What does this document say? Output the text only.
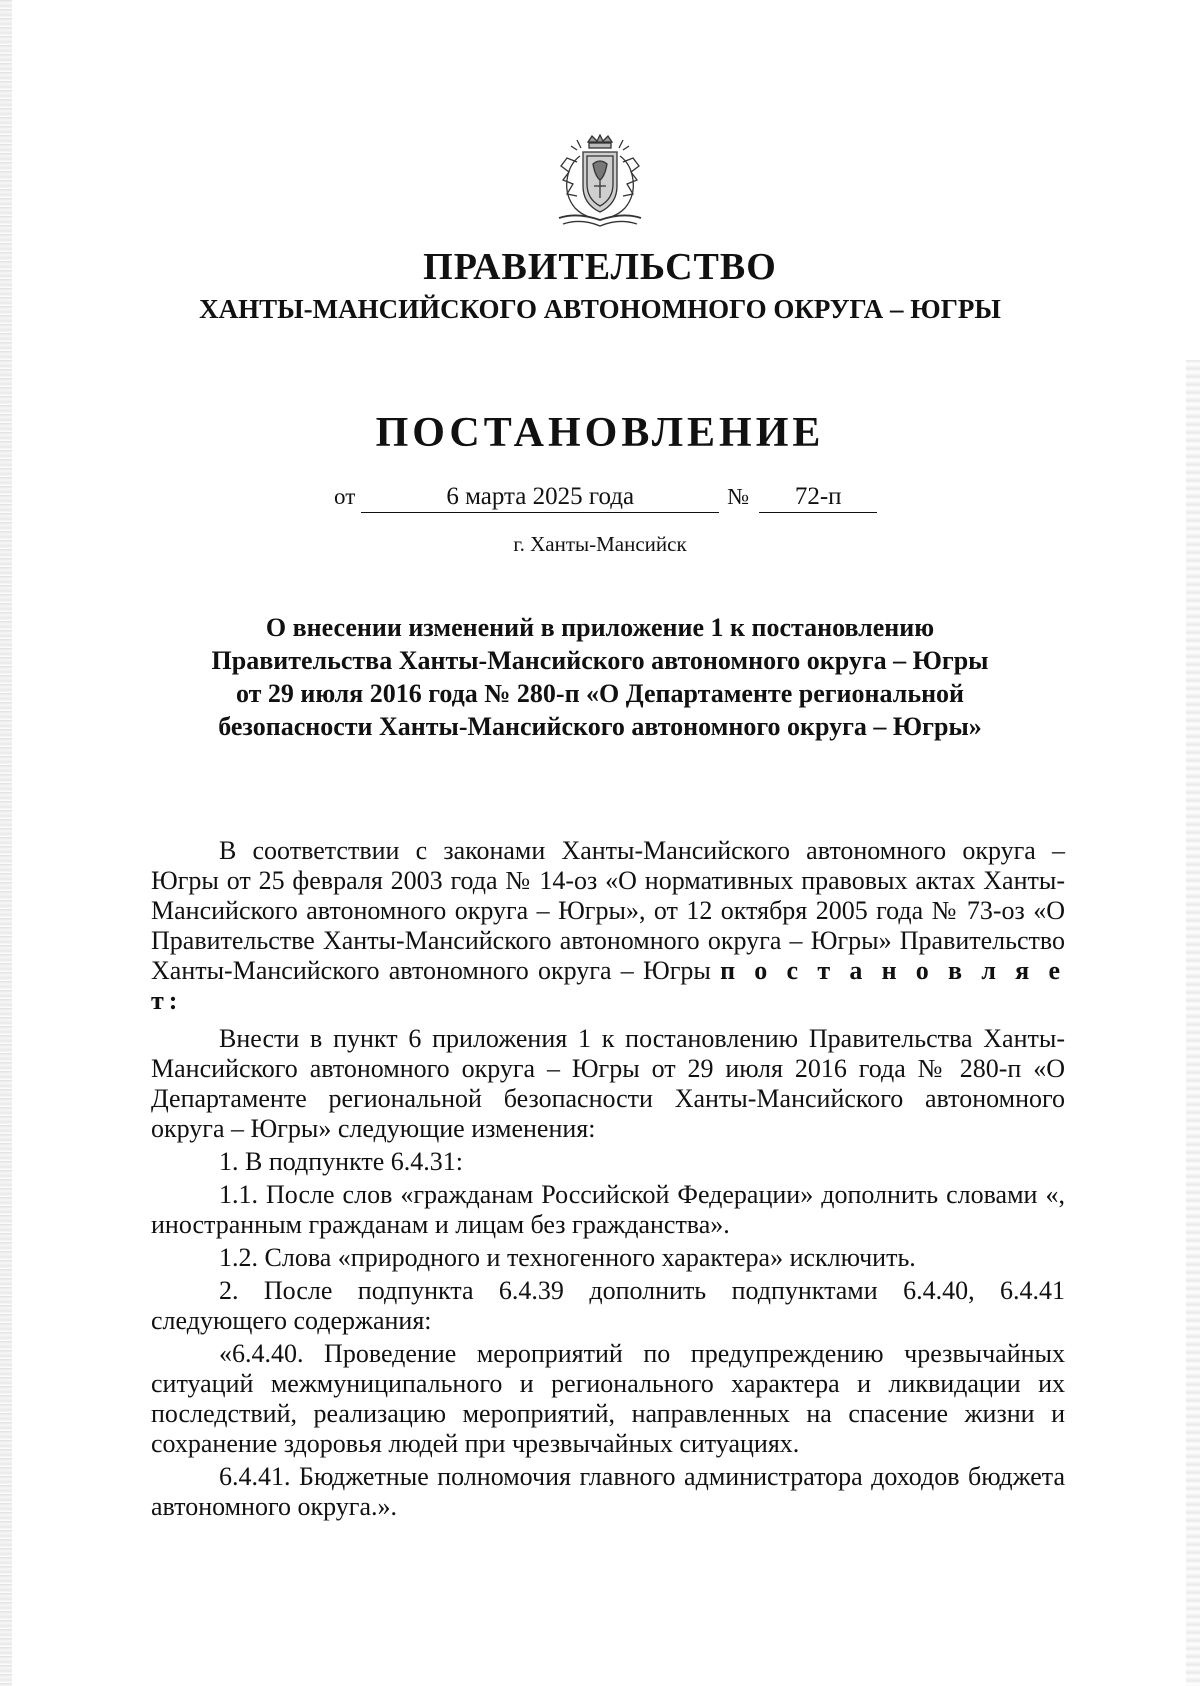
ПРАВИТЕЛЬСТВО
ХАНТЫ-МАНСИЙСКОГО АВТОНОМНОГО ОКРУГА – ЮГРЫ
ПОСТАНОВЛЕНИЕ
от	6 марта 2025 года	№ 72-п
г. Ханты-Мансийск
О внесении изменений в приложение 1 к постановлению
Правительства Ханты-Мансийского автономного округа – Югры
от 29 июля 2016 года № 280-п «О Департаменте региональной
безопасности Ханты-Мансийского автономного округа – Югры»

В соответствии с законами Ханты-Мансийского автономного округа – Югры от 25 февраля 2003 года № 14-оз «О нормативных правовых актах Ханты-Мансийского автономного округа – Югры», от 12 октября 2005 года № 73-оз «О Правительстве Ханты-Мансийского автономного округа – Югры» Правительство Ханты-Мансийского автономного округа – Югры п о с т а н о в л я е т:

Внести в пункт 6 приложения 1 к постановлению Правительства Ханты-Мансийского автономного округа – Югры от 29 июля 2016 года № 280-п «О Департаменте региональной безопасности Ханты-Мансийского автономного округа – Югры» следующие изменения:

1. В подпункте 6.4.31:

1.1. После слов «гражданам Российской Федерации» дополнить словами «, иностранным гражданам и лицам без гражданства».

1.2. Слова «природного и техногенного характера» исключить.

2. После подпункта 6.4.39 дополнить подпунктами 6.4.40, 6.4.41 следующего содержания:

«6.4.40. Проведение мероприятий по предупреждению чрезвычайных ситуаций межмуниципального и регионального характера и ликвидации их последствий, реализацию мероприятий, направленных на спасение жизни и сохранение здоровья людей при чрезвычайных ситуациях.

6.4.41. Бюджетные полномочия главного администратора доходов бюджета автономного округа.».
